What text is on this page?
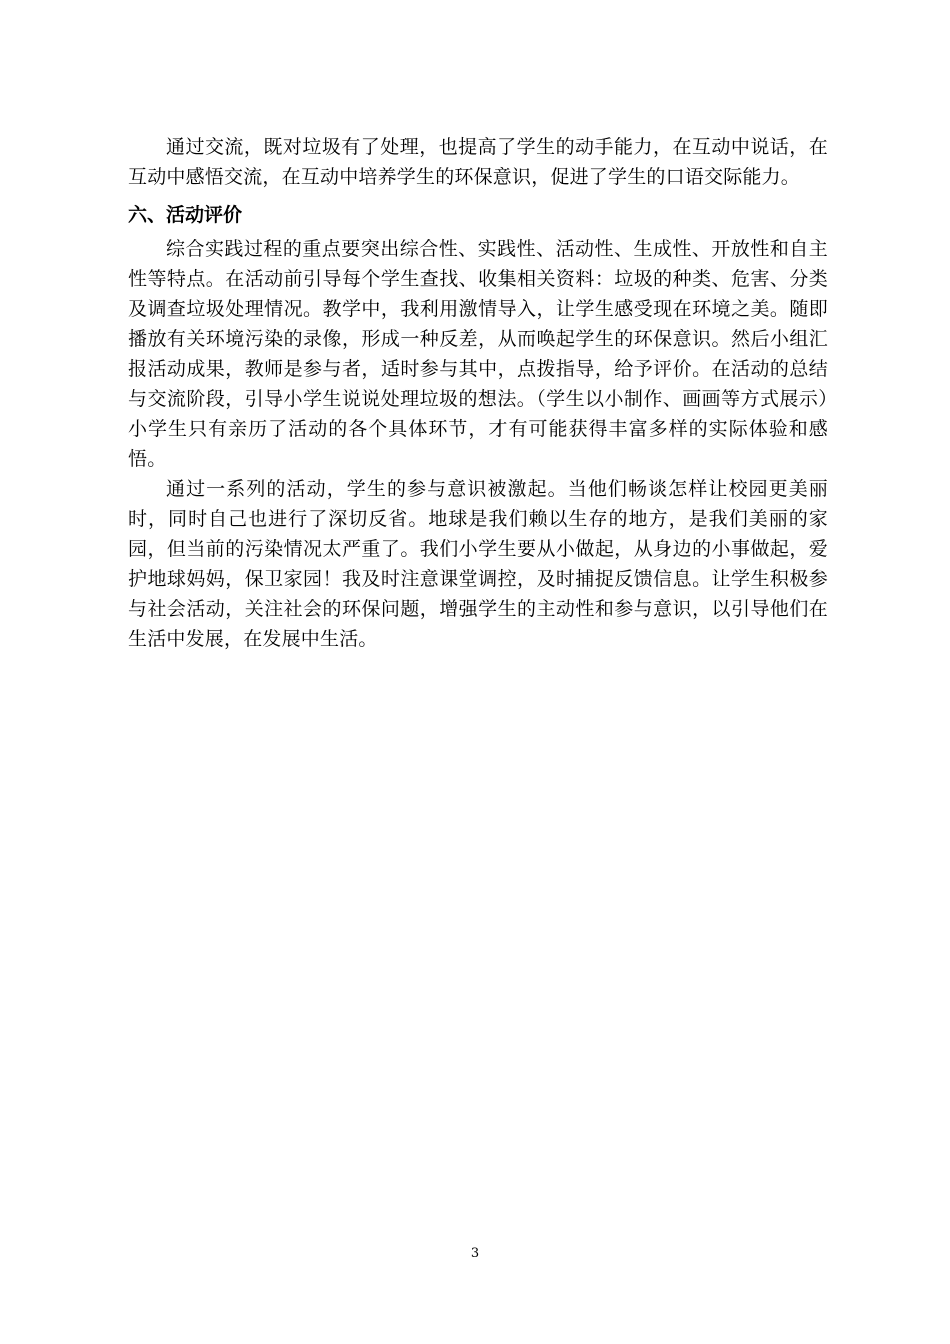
通过交流，既对垃圾有了处理，也提高了学生的动手能力，在互动中说话，在互动中感悟交流，在互动中培养学生的环保意识，促进了学生的口语交际能力。

六、活动评价

综合实践过程的重点要突出综合性、实践性、活动性、生成性、开放性和自主性等特点。在活动前引导每个学生查找、收集相关资料：垃圾的种类、危害、分类及调查垃圾处理情况。教学中，我利用激情导入，让学生感受现在环境之美。随即播放有关环境污染的录像，形成一种反差，从而唤起学生的环保意识。然后小组汇报活动成果，教师是参与者，适时参与其中，点拨指导，给予评价。在活动的总结与交流阶段，引导小学生说说处理垃圾的想法。（学生以小制作、画画等方式展示）小学生只有亲历了活动的各个具体环节，才有可能获得丰富多样的实际体验和感悟。

通过一系列的活动，学生的参与意识被激起。当他们畅谈怎样让校园更美丽时，同时自己也进行了深切反省。地球是我们赖以生存的地方，是我们美丽的家园，但当前的污染情况太严重了。我们小学生要从小做起，从身边的小事做起，爱护地球妈妈，保卫家园！我及时注意课堂调控，及时捕捉反馈信息。让学生积极参与社会活动，关注社会的环保问题，增强学生的主动性和参与意识，以引导他们在生活中发展，在发展中生活。

3
